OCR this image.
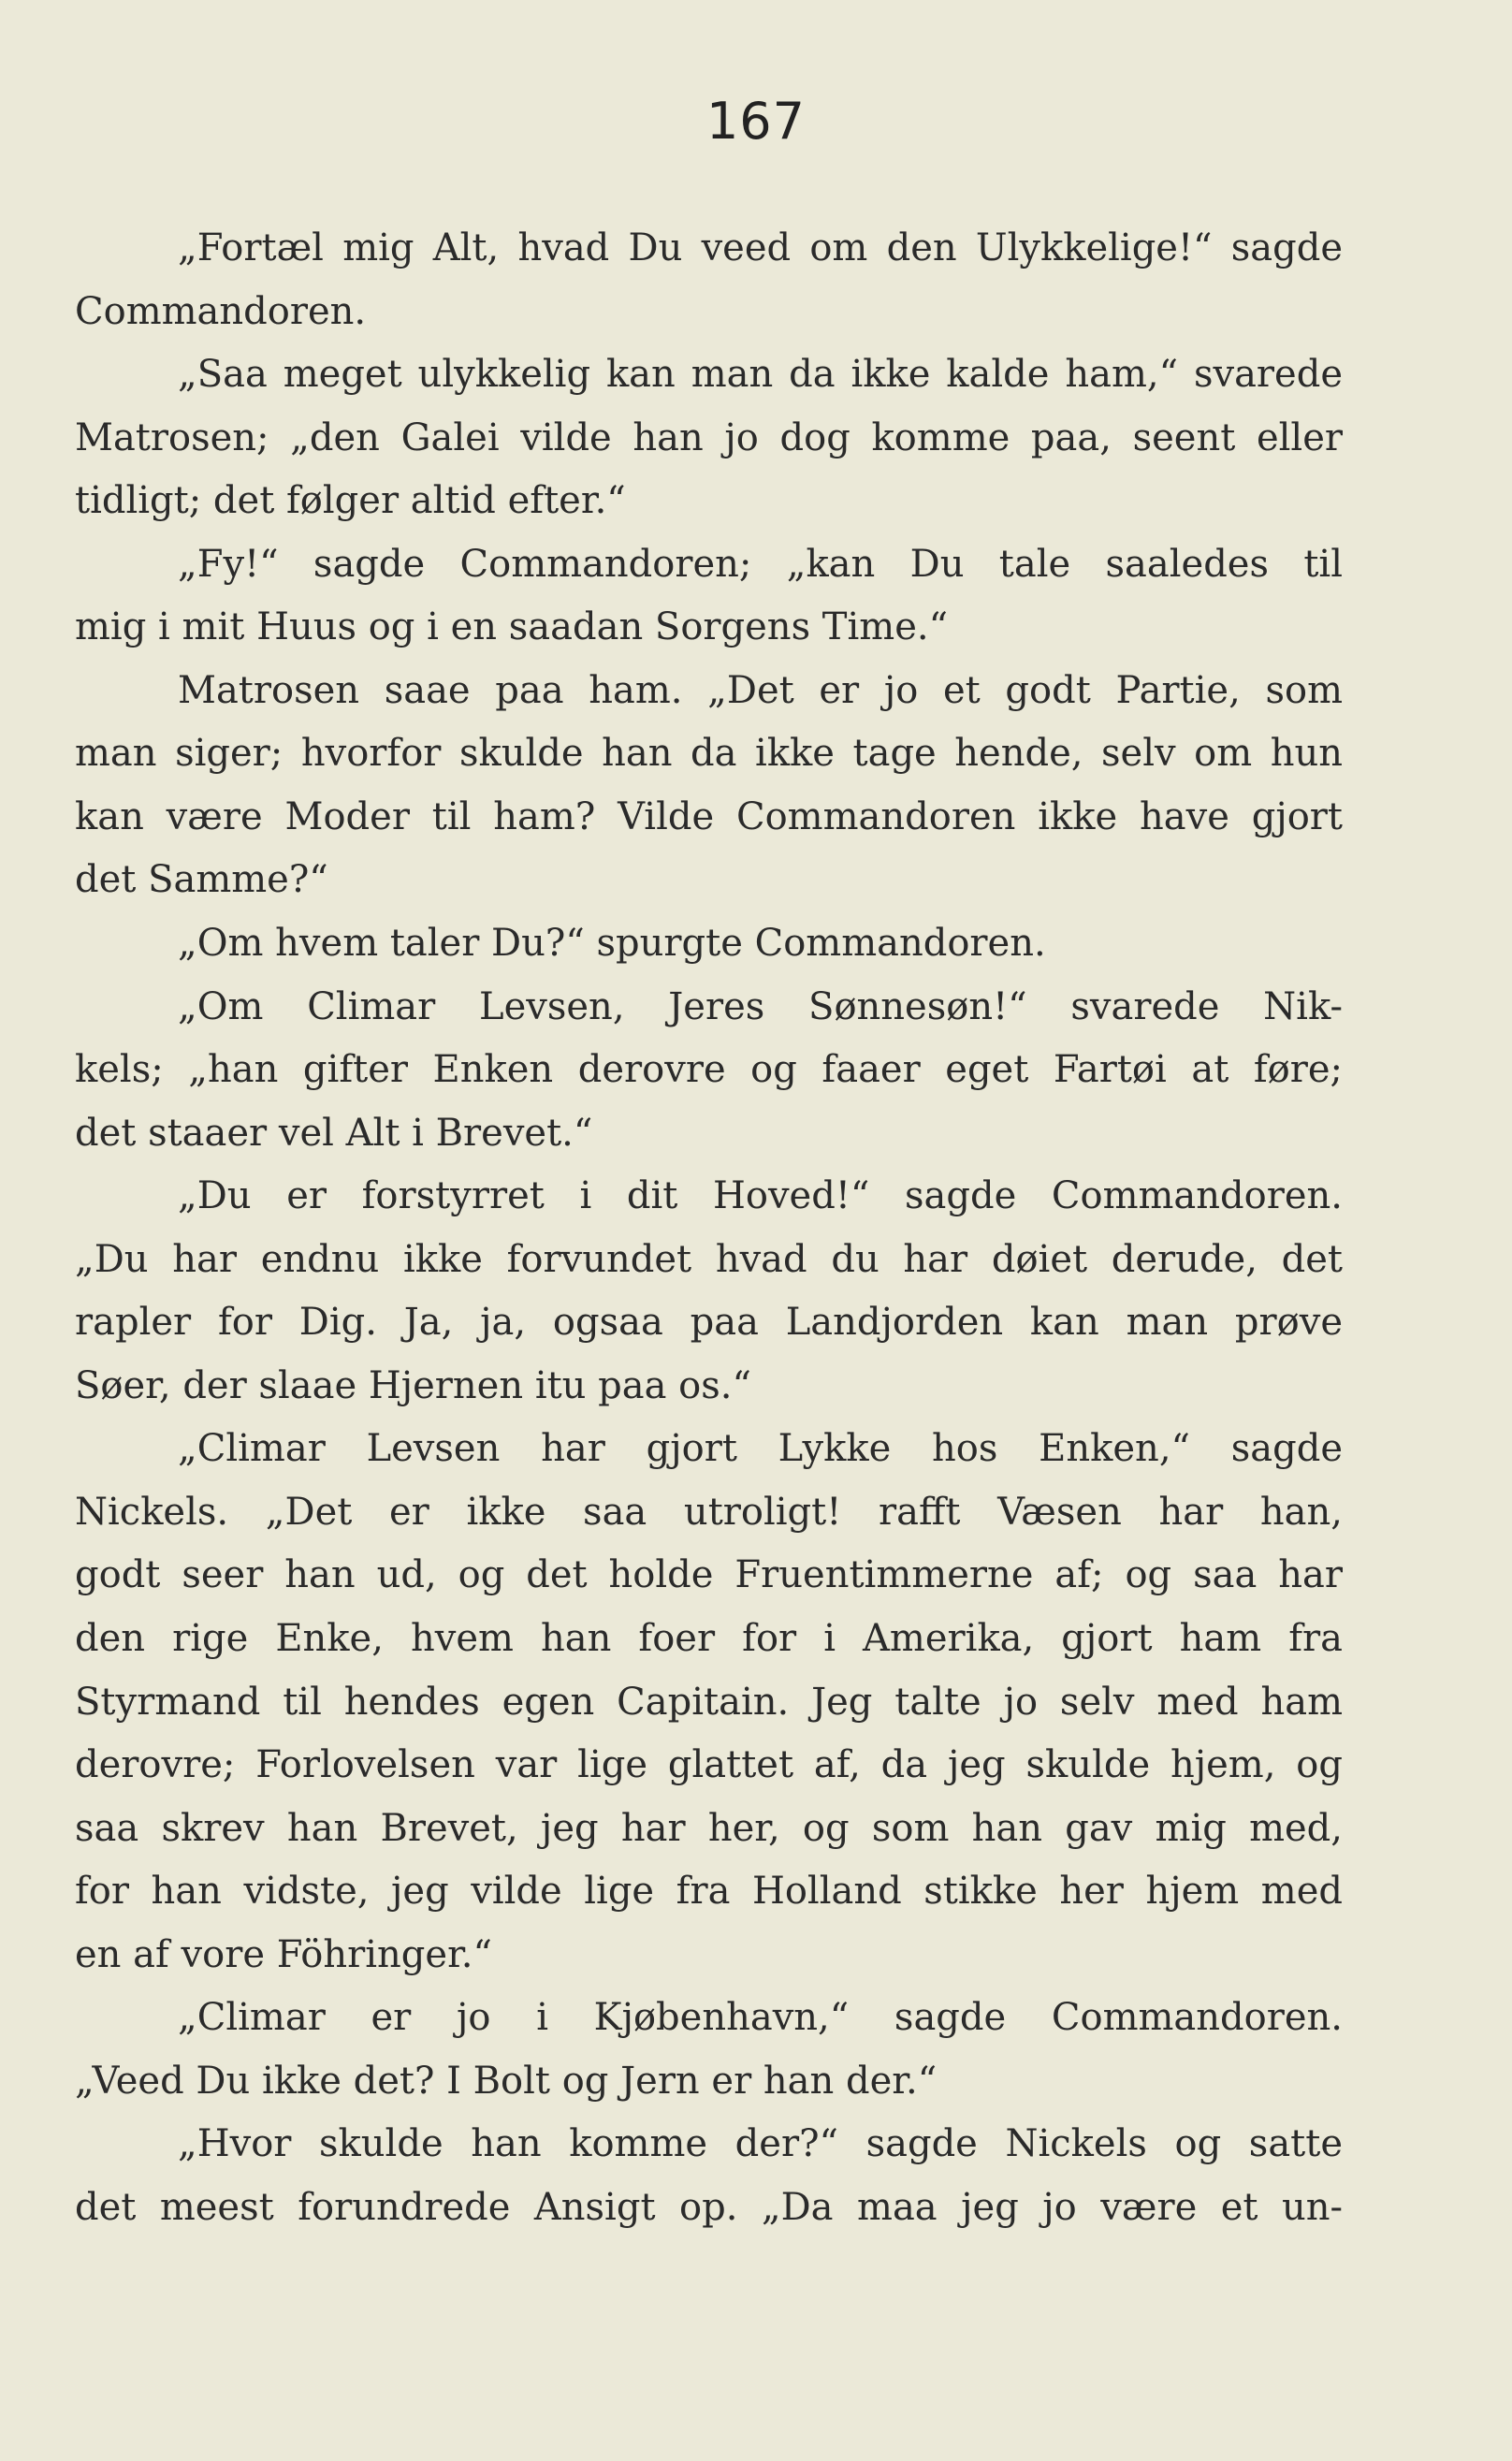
167
„Fortæl mig Alt, hvad Du veed om den Ulykkelige!“ sagde
Commandoren.
„Saa meget ulykkelig kan man da ikke kalde ham,“ svarede
Matrosen; „den Galei vilde han jo dog komme paa, seent eller
tidligt; det følger altid efter.“
„Fy!“ sagde Commandoren; „kan Du tale saaledes til
mig i mit Huus og i en saadan Sorgens Time.“
Matrosen saae paa ham. „Det er jo et godt Partie, som
man siger; hvorfor skulde han da ikke tage hende, selv om hun
kan være Moder til ham? Vilde Commandoren ikke have gjort
det Samme?“
„Om hvem taler Du?“ spurgte Commandoren.
„Om Climar Levsen, Jeres Sønnesøn!“ svarede Nik-
kels; „han gifter Enken derovre og faaer eget Fartøi at føre;
det staaer vel Alt i Brevet.“
„Du er forstyrret i dit Hoved!“ sagde Commandoren.
„Du har endnu ikke forvundet hvad du har døiet derude, det
rapler for Dig. Ja, ja, ogsaa paa Landjorden kan man prøve
Søer, der slaae Hjernen itu paa os.“
„Climar Levsen har gjort Lykke hos Enken,“ sagde
Nickels. „Det er ikke saa utroligt! rafft Væsen har han,
godt seer han ud, og det holde Fruentimmerne af; og saa har
den rige Enke, hvem han foer for i Amerika, gjort ham fra
Styrmand til hendes egen Capitain. Jeg talte jo selv med ham
derovre; Forlovelsen var lige glattet af, da jeg skulde hjem, og
saa skrev han Brevet, jeg har her, og som han gav mig med,
for han vidste, jeg vilde lige fra Holland stikke her hjem med
en af vore Föhringer.“
„Climar er jo i Kjøbenhavn,“ sagde Commandoren.
„Veed Du ikke det? I Bolt og Jern er han der.“
„Hvor skulde han komme der?“ sagde Nickels og satte
det meest forundrede Ansigt op. „Da maa jeg jo være et un-
